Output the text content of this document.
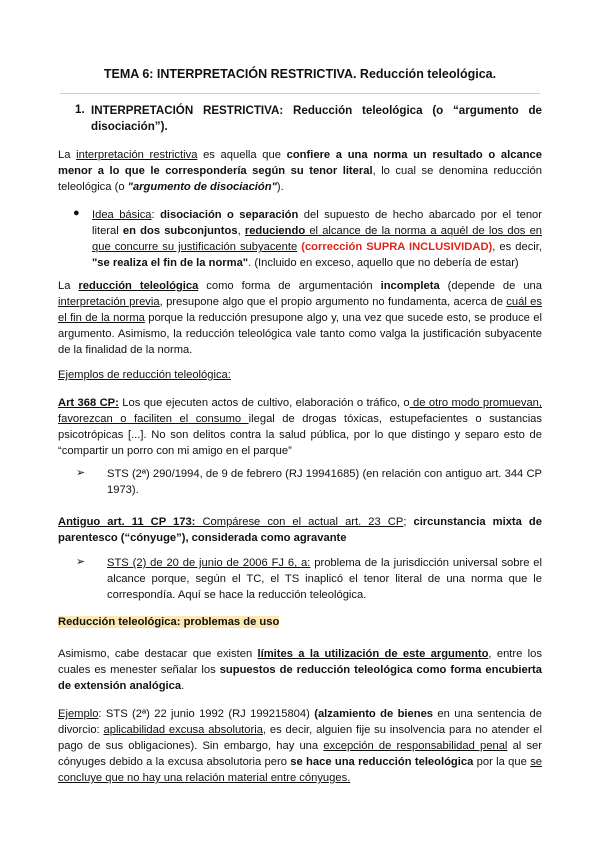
TEMA 6: INTERPRETACIÓN RESTRICTIVA. Reducción teleológica.
1. INTERPRETACIÓN RESTRICTIVA: Reducción teleológica (o “argumento de disociación”).
La interpretación restrictiva es aquella que confiere a una norma un resultado o alcance menor a lo que le correspondería según su tenor literal, lo cual se denomina reducción teleológica (o "argumento de disociación").
● Idea básica: disociación o separación del supuesto de hecho abarcado por el tenor literal en dos subconjuntos, reduciendo el alcance de la norma a aquél de los dos en que concurre su justificación subyacente (corrección SUPRA INCLUSIVIDAD), es decir, "se realiza el fin de la norma". (Incluido en exceso, aquello que no debería de estar)
La reducción teleológica como forma de argumentación incompleta (depende de una interpretación previa, presupone algo que el propio argumento no fundamenta, acerca de cuál es el fin de la norma porque la reducción presupone algo y, una vez que sucede esto, se produce el argumento. Asimismo, la reducción teleológica vale tanto como valga la justificación subyacente de la finalidad de la norma.
Ejemplos de reducción teleológica:
Art 368 CP: Los que ejecuten actos de cultivo, elaboración o tráfico, o de otro modo promuevan, favorezcan o faciliten el consumo ilegal de drogas tóxicas, estupefacientes o sustancias psicotrópicas [...]. No son delitos contra la salud pública, por lo que distingo y separo esto de “compartir un porro con mi amigo en el parque”
➢ STS (2ª) 290/1994, de 9 de febrero (RJ 19941685) (en relación con antiguo art. 344 CP 1973).
Antiguo art. 11 CP 173: Compárese con el actual art. 23 CP; circunstancia mixta de parentesco (“cónyuge”), considerada como agravante
➢ STS (2) de 20 de junio de 2006 FJ 6, a: problema de la jurisdicción universal sobre el alcance porque, según el TC, el TS inaplicó el tenor literal de una norma que le correspondía. Aquí se hace la reducción teleológica.
Reducción teleológica: problemas de uso
Asimismo, cabe destacar que existen límites a la utilización de este argumento, entre los cuales es menester señalar los supuestos de reducción teleológica como forma encubierta de extensión analógica.
Ejemplo: STS (2ª) 22 junio 1992 (RJ 199215804) (alzamiento de bienes en una sentencia de divorcio: aplicabilidad excusa absolutoria, es decir, alguien fije su insolvencia para no atender el pago de sus obligaciones). Sin embargo, hay una excepción de responsabilidad penal al ser cónyuges debido a la excusa absolutoria pero se hace una reducción teleológica por la que se concluye que no hay una relación material entre cónyuges.
